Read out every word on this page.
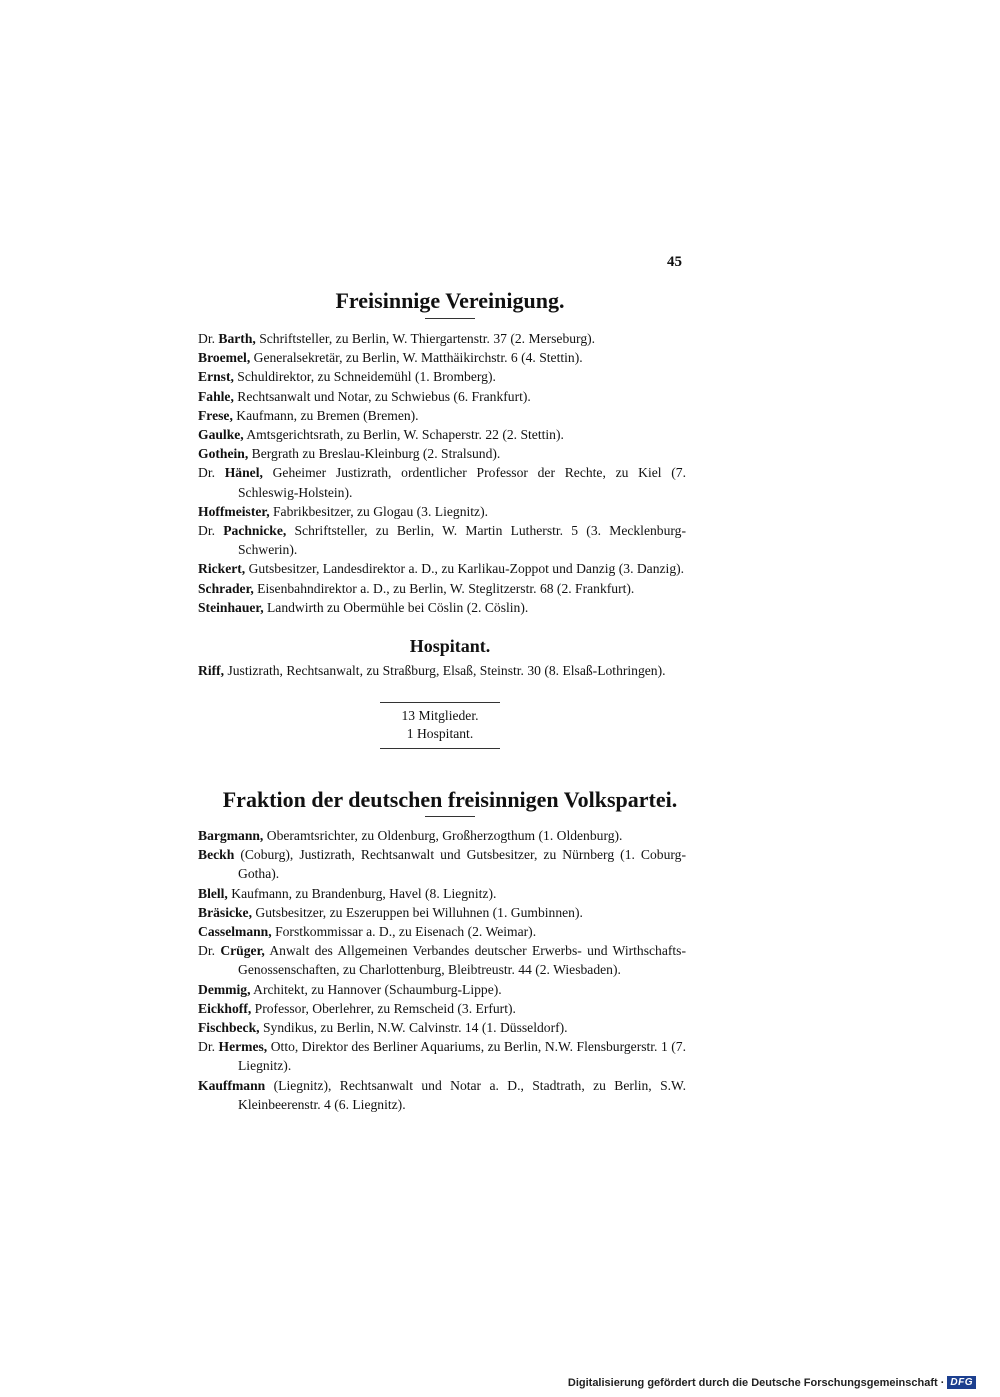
45
Freisinnige Vereinigung.
Dr. Barth, Schriftsteller, zu Berlin, W. Thiergartenstr. 37 (2. Merseburg).
Broemel, Generalsekretär, zu Berlin, W. Matthäikirchstr. 6 (4. Stettin).
Ernst, Schuldirektor, zu Schneidemühl (1. Bromberg).
Fahle, Rechtsanwalt und Notar, zu Schwiebus (6. Frankfurt).
Frese, Kaufmann, zu Bremen (Bremen).
Gaulke, Amtsgerichtsrath, zu Berlin, W. Schaperstr. 22 (2. Stettin).
Gothein, Bergrath zu Breslau-Kleinburg (2. Stralsund).
Dr. Hänel, Geheimer Justizrath, ordentlicher Professor der Rechte, zu Kiel (7. Schleswig-Holstein).
Hoffmeister, Fabrikbesitzer, zu Glogau (3. Liegnitz).
Dr. Pachnicke, Schriftsteller, zu Berlin, W. Martin Lutherstr. 5 (3. Mecklenburg-Schwerin).
Rickert, Gutsbesitzer, Landesdirektor a. D., zu Karlikau-Zoppot und Danzig (3. Danzig).
Schrader, Eisenbahndirektor a. D., zu Berlin, W. Steglitzerstr. 68 (2. Frankfurt).
Steinhauer, Landwirth zu Obermühle bei Cöslin (2. Cöslin).
Hospitant.
Riff, Justizrath, Rechtsanwalt, zu Straßburg, Elsaß, Steinstr. 30 (8. Elsaß-Lothringen).
13 Mitglieder.
1 Hospitant.
Fraktion der deutschen freisinnigen Volkspartei.
Bargmann, Oberamtsrichter, zu Oldenburg, Großherzogthum (1. Oldenburg).
Beckh (Coburg), Justizrath, Rechtsanwalt und Gutsbesitzer, zu Nürnberg (1. Coburg-Gotha).
Blell, Kaufmann, zu Brandenburg, Havel (8. Liegnitz).
Bräsicke, Gutsbesitzer, zu Eszeruppen bei Willuhnen (1. Gumbinnen).
Casselmann, Forstkommissar a. D., zu Eisenach (2. Weimar).
Dr. Crüger, Anwalt des Allgemeinen Verbandes deutscher Erwerbs- und Wirthschafts-Genossenschaften, zu Charlottenburg, Bleibtreustr. 44 (2. Wiesbaden).
Demmig, Architekt, zu Hannover (Schaumburg-Lippe).
Eickhoff, Professor, Oberlehrer, zu Remscheid (3. Erfurt).
Fischbeck, Syndikus, zu Berlin, N.W. Calvinstr. 14 (1. Düsseldorf).
Dr. Hermes, Otto, Direktor des Berliner Aquariums, zu Berlin, N.W. Flensburgerstr. 1 (7. Liegnitz).
Kauffmann (Liegnitz), Rechtsanwalt und Notar a. D., Stadtrath, zu Berlin, S.W. Kleinbeerenstr. 4 (6. Liegnitz).
Digitalisierung gefördert durch die Deutsche Forschungsgemeinschaft · DFG
